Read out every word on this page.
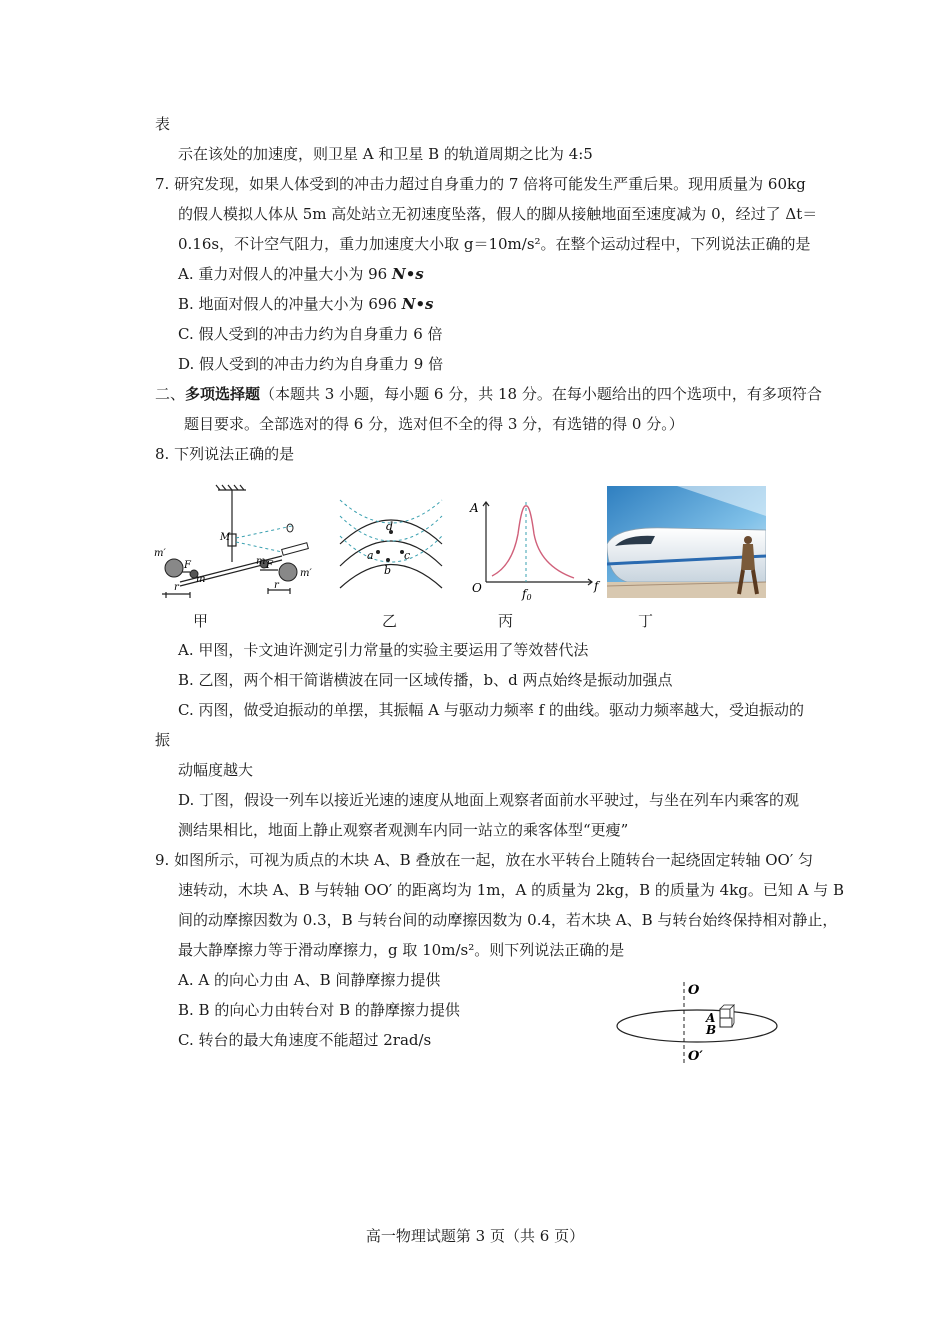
表
示在该处的加速度，则卫星 A 和卫星 B 的轨道周期之比为 4:5
7. 研究发现，如果人体受到的冲击力超过自身重力的 7 倍将可能发生严重后果。现用质量为 60kg
的假人模拟人体从 5m 高处站立无初速度坠落，假人的脚从接触地面至速度减为 0，经过了 Δt＝
0.16s，不计空气阻力，重力加速度大小取 g＝10m/s²。在整个运动过程中，下列说法正确的是
A. 重力对假人的冲量大小为 96 N•s
B. 地面对假人的冲量大小为 696 N•s
C. 假人受到的冲击力约为自身重力 6 倍
D. 假人受到的冲击力约为自身重力 9 倍
二、多项选择题（本题共 3 小题，每小题 6 分，共 18 分。在每小题给出的四个选项中，有多项符合
题目要求。全部选对的得 6 分，选对但不全的得 3 分，有选错的得 0 分。）
8. 下列说法正确的是
m′
m
F
r
M
m F
m′
r
d
a	c
b
A
O	f
f0
甲	乙	丙	丁
A. 甲图，卡文迪许测定引力常量的实验主要运用了等效替代法
B. 乙图，两个相干简谐横波在同一区域传播，b、d 两点始终是振动加强点
C. 丙图，做受迫振动的单摆，其振幅 A 与驱动力频率 f 的曲线。驱动力频率越大，受迫振动的
振
动幅度越大
D. 丁图，假设一列车以接近光速的速度从地面上观察者面前水平驶过，与坐在列车内乘客的观
测结果相比，地面上静止观察者观测车内同一站立的乘客体型“更瘦”
9. 如图所示，可视为质点的木块 A、B 叠放在一起，放在水平转台上随转台一起绕固定转轴 OO′ 匀
速转动，木块 A、B 与转轴 OO′ 的距离均为 1m，A 的质量为 2kg，B 的质量为 4kg。已知 A 与 B
间的动摩擦因数为 0.3，B 与转台间的动摩擦因数为 0.4，若木块 A、B 与转台始终保持相对静止，
最大静摩擦力等于滑动摩擦力，g 取 10m/s²。则下列说法正确的是
A. A 的向心力由 A、B 间静摩擦力提供
B. B 的向心力由转台对 B 的静摩擦力提供
C. 转台的最大角速度不能超过 2rad/s
O
O′
A
B
高一物理试题第 3 页（共 6 页）
